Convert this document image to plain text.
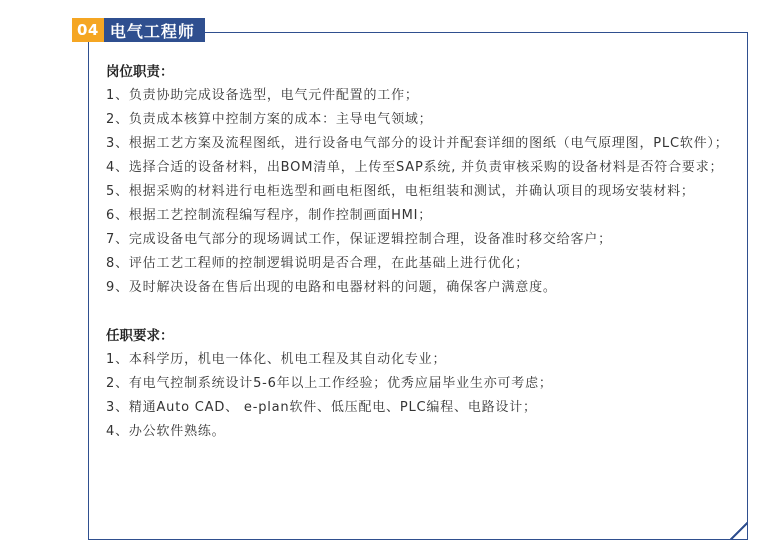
04 电气工程师
岗位职责：
1、负责协助完成设备选型，电气元件配置的工作；
2、负责成本核算中控制方案的成本：主导电气领域；
3、根据工艺方案及流程图纸，进行设备电气部分的设计并配套详细的图纸（电气原理图，PLC软件）；
4、选择合适的设备材料，出BOM清单，上传至SAP系统, 并负责审核采购的设备材料是否符合要求；
5、根据采购的材料进行电柜选型和画电柜图纸，电柜组装和测试，并确认项目的现场安装材料；
6、根据工艺控制流程编写程序，制作控制画面HMI；
7、完成设备电气部分的现场调试工作，保证逻辑控制合理，设备准时移交给客户；
8、评估工艺工程师的控制逻辑说明是否合理，在此基础上进行优化；
9、及时解决设备在售后出现的电路和电器材料的问题，确保客户满意度。
任职要求：
1、本科学历，机电一体化、机电工程及其自动化专业；
2、有电气控制系统设计5-6年以上工作经验；优秀应届毕业生亦可考虑；
3、精通Auto CAD、 e-plan软件、低压配电、PLC编程、电路设计；
4、办公软件熟练。
